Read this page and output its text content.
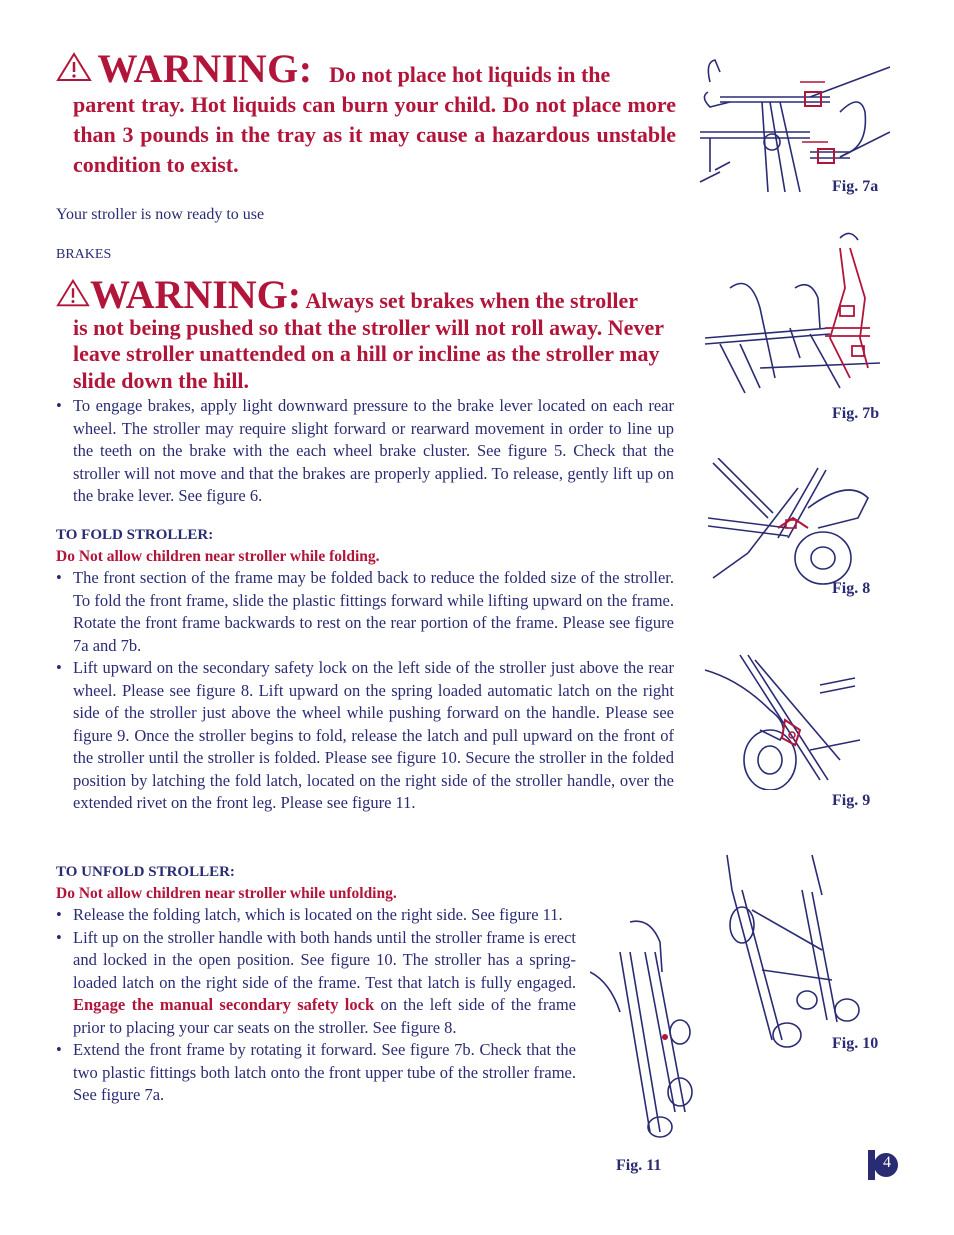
WARNING: Do not place hot liquids in the
parent tray. Hot liquids can burn your child. Do not place more than 3 pounds in the tray as it may cause a hazardous unstable condition to exist.
Your stroller is now ready to use
BRAKES
WARNING: Always set brakes when the stroller
is not being pushed so that the stroller will not roll away. Never leave stroller unattended on a hill or incline as the stroller may slide down the hill.
• To engage brakes, apply light downward pressure to the brake lever located on each rear wheel. The stroller may require slight forward or rearward movement in order to line up the teeth on the brake with the each wheel brake cluster. See figure 5. Check that the stroller will not move and that the brakes are properly applied. To release, gently lift up on the brake lever. See figure 6.
TO FOLD STROLLER:
Do Not allow children near stroller while folding.
• The front section of the frame may be folded back to reduce the folded size of the stroller. To fold the front frame, slide the plastic fittings forward while lifting upward on the frame. Rotate the front frame backwards to rest on the rear portion of the frame. Please see figure 7a and 7b.
• Lift upward on the secondary safety lock on the left side of the stroller just above the rear wheel. Please see figure 8. Lift upward on the spring loaded automatic latch on the right side of the stroller just above the wheel while pushing forward on the handle. Please see figure 9. Once the stroller begins to fold, release the latch and pull upward on the front of the stroller until the stroller is folded. Please see figure 10. Secure the stroller in the folded position by latching the fold latch, located on the right side of the stroller handle, over the extended rivet on the front leg. Please see figure 11.
TO UNFOLD STROLLER:
Do Not allow children near stroller while unfolding.
• Release the folding latch, which is located on the right side. See figure 11.
• Lift up on the stroller handle with both hands until the stroller frame is erect and locked in the open position. See figure 10. The stroller has a spring-loaded latch on the right side of the frame. Test that latch is fully engaged. Engage the manual secondary safety lock on the left side of the frame prior to placing your car seats on the stroller. See figure 8.
• Extend the front frame by rotating it forward. See figure 7b. Check that the two plastic fittings both latch onto the front upper tube of the stroller frame. See figure 7a.
Fig. 7a
Fig. 7b
Fig. 8
Fig. 9
Fig. 10
Fig. 11	4
